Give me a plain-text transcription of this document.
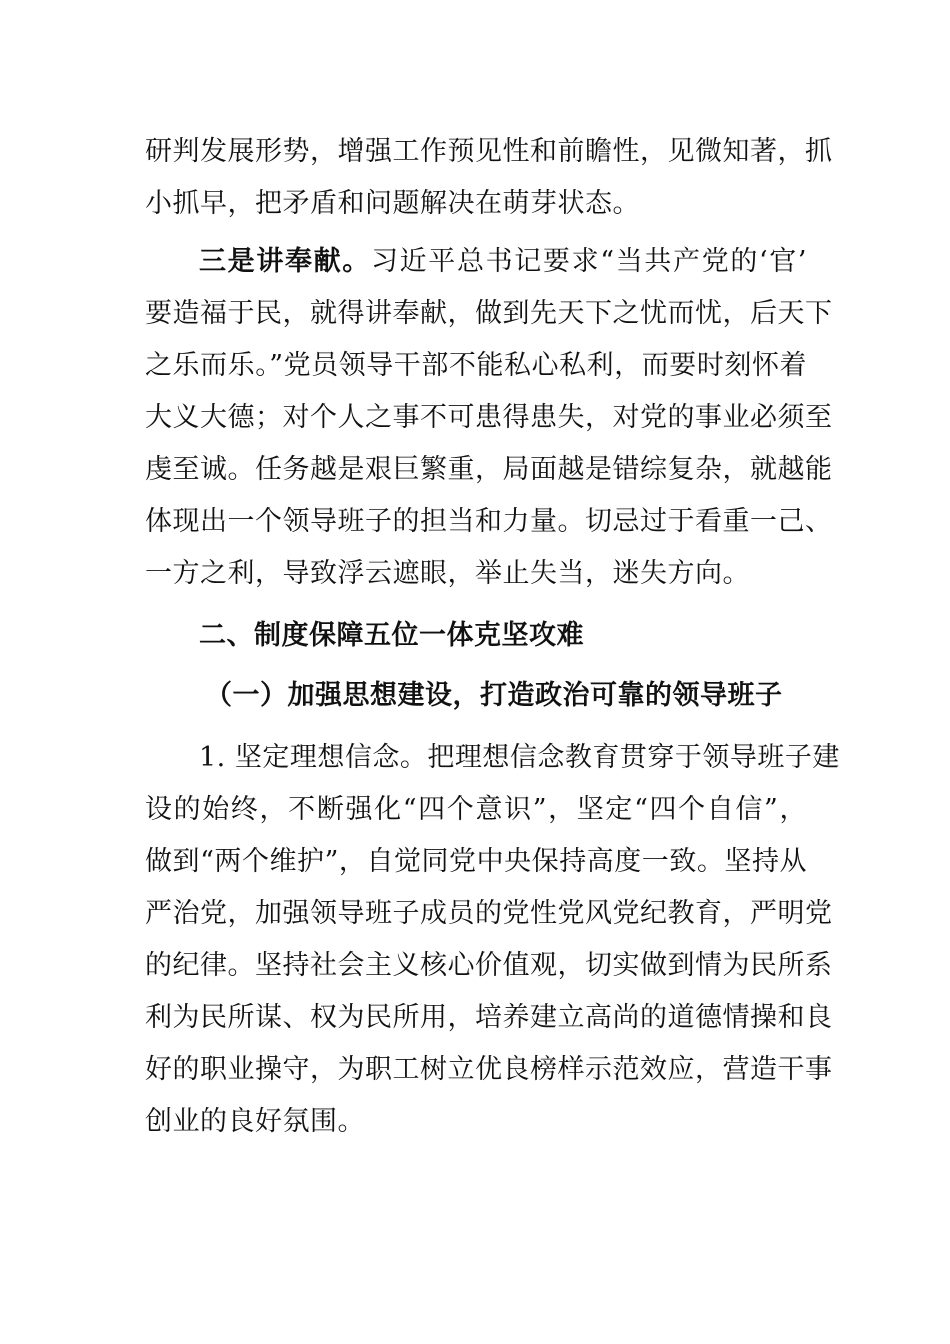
研判发展形势，增强工作预见性和前瞻性，见微知著，抓
小抓早，把矛盾和问题解决在萌芽状态。
三是讲奉献。习近平总书记要求“当共产党的‘官’
要造福于民，就得讲奉献，做到先天下之忧而忧，后天下
之乐而乐。”党员领导干部不能私心私利，而要时刻怀着
大义大德；对个人之事不可患得患失，对党的事业必须至
虔至诚。任务越是艰巨繁重，局面越是错综复杂，就越能
体现出一个领导班子的担当和力量。切忌过于看重一己、
一方之利，导致浮云遮眼，举止失当，迷失方向。
二、制度保障五位一体克坚攻难
（一）加强思想建设，打造政治可靠的领导班子
1. 坚定理想信念。把理想信念教育贯穿于领导班子建
设的始终，不断强化“四个意识”，坚定“四个自信”，
做到“两个维护”，自觉同党中央保持高度一致。坚持从
严治党，加强领导班子成员的党性党风党纪教育，严明党
的纪律。坚持社会主义核心价值观，切实做到情为民所系
利为民所谋、权为民所用，培养建立高尚的道德情操和良
好的职业操守，为职工树立优良榜样示范效应，营造干事
创业的良好氛围。
